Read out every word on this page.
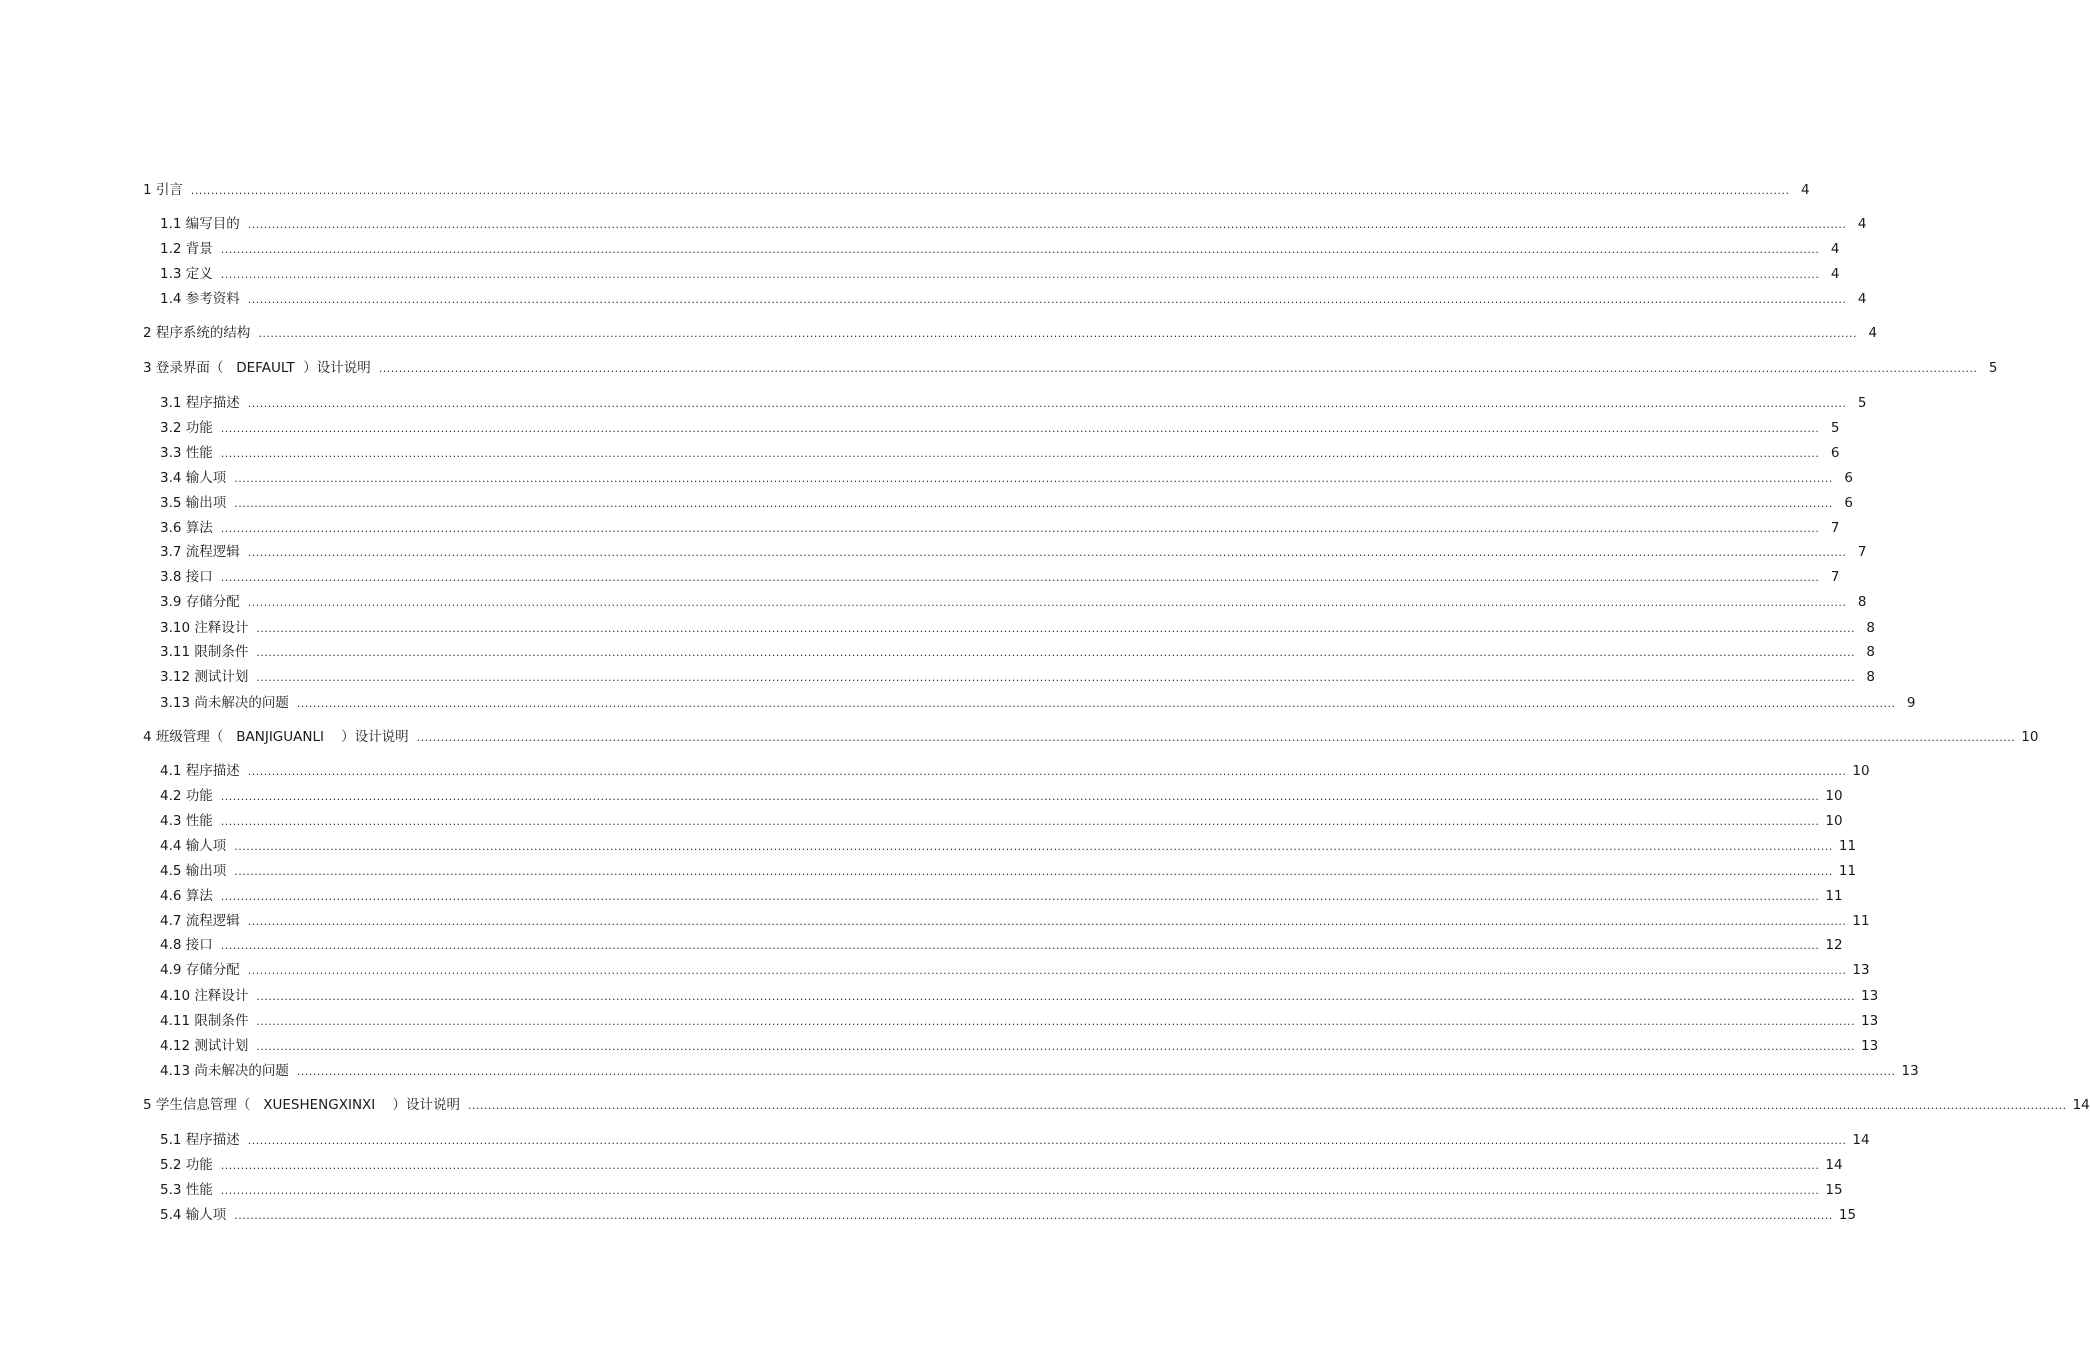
1 引言 ................................................................................................................................................................................................................................................................................................................................................................................................................ 4
1.1 编写目的 ................................................................................................................................................................................................................................................................................................................................................................................................................ 4
1.2 背景 ................................................................................................................................................................................................................................................................................................................................................................................................................ 4
1.3 定义 ................................................................................................................................................................................................................................................................................................................................................................................................................ 4
1.4 参考资料 ................................................................................................................................................................................................................................................................................................................................................................................................................ 4
2 程序系统的结构 ................................................................................................................................................................................................................................................................................................................................................................................................................ 4
3 登录界面（   DEFAULT  ）设计说明 ................................................................................................................................................................................................................................................................................................................................................................................................................ 5
3.1 程序描述 ................................................................................................................................................................................................................................................................................................................................................................................................................ 5
3.2 功能 ................................................................................................................................................................................................................................................................................................................................................................................................................ 5
3.3 性能 ................................................................................................................................................................................................................................................................................................................................................................................................................ 6
3.4 输人项 ................................................................................................................................................................................................................................................................................................................................................................................................................ 6
3.5 输出项 ................................................................................................................................................................................................................................................................................................................................................................................................................ 6
3.6 算法 ................................................................................................................................................................................................................................................................................................................................................................................................................ 7
3.7 流程逻辑 ................................................................................................................................................................................................................................................................................................................................................................................................................ 7
3.8 接口 ................................................................................................................................................................................................................................................................................................................................................................................................................ 7
3.9 存储分配 ................................................................................................................................................................................................................................................................................................................................................................................................................ 8
3.10 注释设计 ................................................................................................................................................................................................................................................................................................................................................................................................................ 8
3.11 限制条件 ................................................................................................................................................................................................................................................................................................................................................................................................................ 8
3.12 测试计划 ................................................................................................................................................................................................................................................................................................................................................................................................................ 8
3.13 尚未解决的问题 ................................................................................................................................................................................................................................................................................................................................................................................................................ 9
4 班级管理（   BANJIGUANLI    ）设计说明 ................................................................................................................................................................................................................................................................................................................................................................................................................ 10
4.1 程序描述 ................................................................................................................................................................................................................................................................................................................................................................................................................ 10
4.2 功能 ................................................................................................................................................................................................................................................................................................................................................................................................................ 10
4.3 性能 ................................................................................................................................................................................................................................................................................................................................................................................................................ 10
4.4 输人项 ................................................................................................................................................................................................................................................................................................................................................................................................................ 11
4.5 输出项 ................................................................................................................................................................................................................................................................................................................................................................................................................ 11
4.6 算法 ................................................................................................................................................................................................................................................................................................................................................................................................................ 11
4.7 流程逻辑 ................................................................................................................................................................................................................................................................................................................................................................................................................ 11
4.8 接口 ................................................................................................................................................................................................................................................................................................................................................................................................................ 12
4.9 存储分配 ................................................................................................................................................................................................................................................................................................................................................................................................................ 13
4.10 注释设计 ................................................................................................................................................................................................................................................................................................................................................................................................................ 13
4.11 限制条件 ................................................................................................................................................................................................................................................................................................................................................................................................................ 13
4.12 测试计划 ................................................................................................................................................................................................................................................................................................................................................................................................................ 13
4.13 尚未解决的问题 ................................................................................................................................................................................................................................................................................................................................................................................................................ 13
5 学生信息管理（   XUESHENGXINXI    ）设计说明 ................................................................................................................................................................................................................................................................................................................................................................................................................ 14
5.1 程序描述 ................................................................................................................................................................................................................................................................................................................................................................................................................ 14
5.2 功能 ................................................................................................................................................................................................................................................................................................................................................................................................................ 14
5.3 性能 ................................................................................................................................................................................................................................................................................................................................................................................................................ 15
5.4 输人项 ................................................................................................................................................................................................................................................................................................................................................................................................................ 15
